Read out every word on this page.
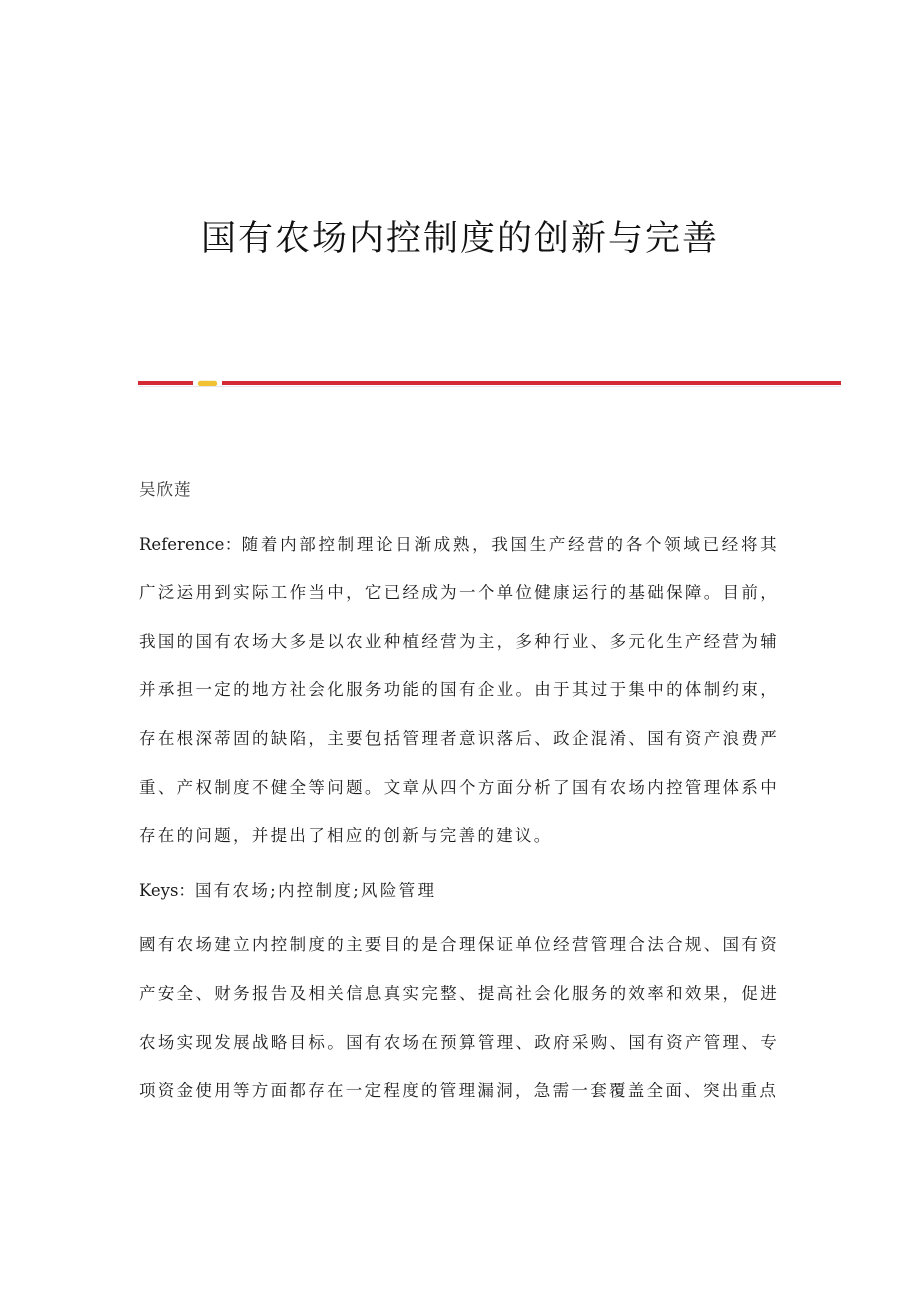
国有农场内控制度的创新与完善

吴欣莲

Reference：随着内部控制理论日渐成熟，我国生产经营的各个领域已经将其广泛运用到实际工作当中，它已经成为一个单位健康运行的基础保障。目前，我国的国有农场大多是以农业种植经营为主，多种行业、多元化生产经营为辅并承担一定的地方社会化服务功能的国有企业。由于其过于集中的体制约束，存在根深蒂固的缺陷，主要包括管理者意识落后、政企混淆、国有资产浪费严重、产权制度不健全等问题。文章从四个方面分析了国有农场内控管理体系中存在的问题，并提出了相应的创新与完善的建议。

Keys：国有农场;内控制度;风险管理

國有农场建立内控制度的主要目的是合理保证单位经营管理合法合规、国有资产安全、财务报告及相关信息真实完整、提高社会化服务的效率和效果，促进农场实现发展战略目标。国有农场在预算管理、政府采购、国有资产管理、专项资金使用等方面都存在一定程度的管理漏洞，急需一套覆盖全面、突出重点
